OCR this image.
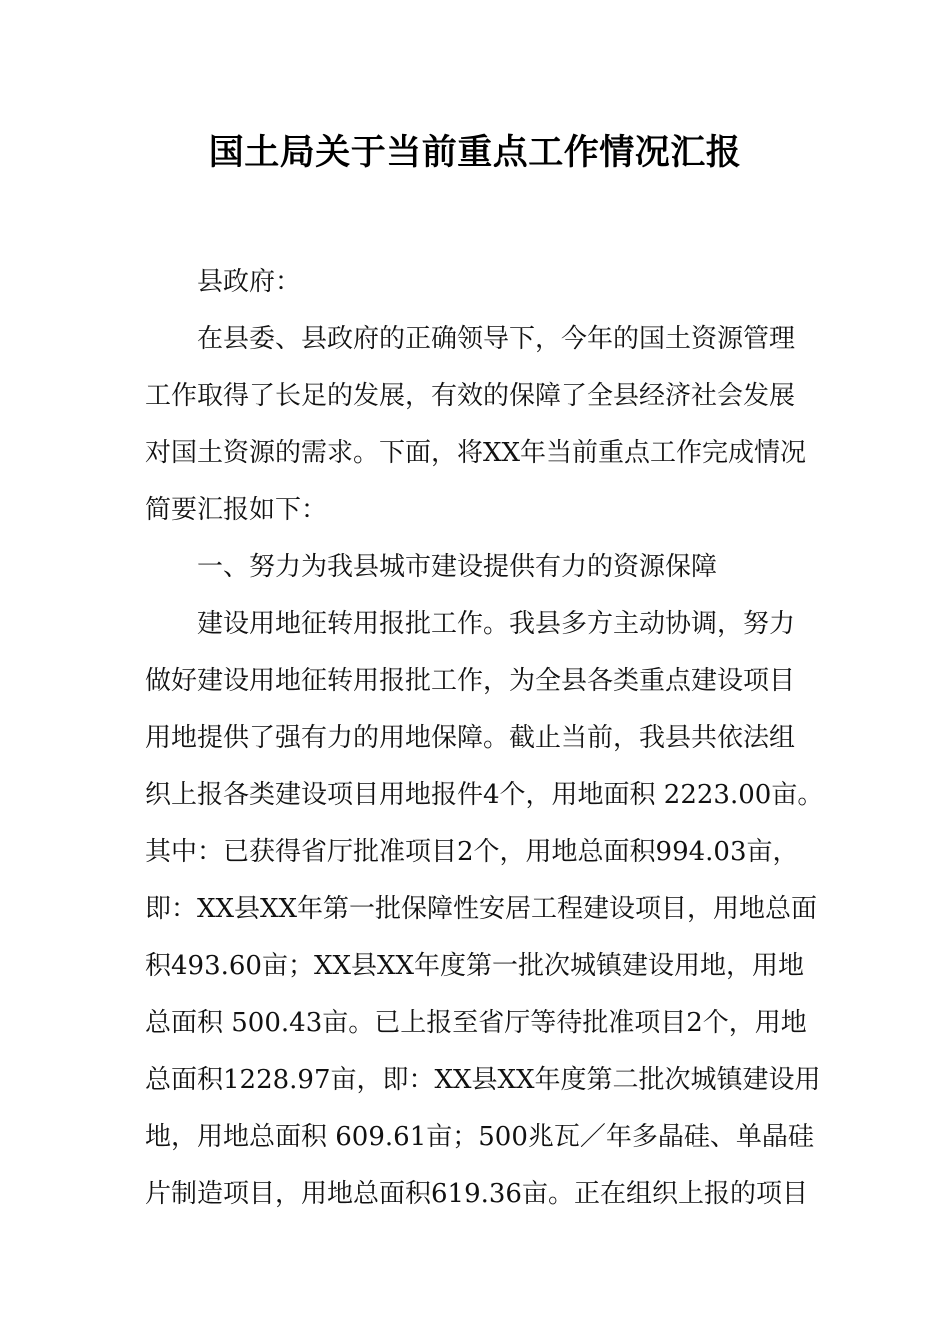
国土局关于当前重点工作情况汇报

县政府：

在县委、县政府的正确领导下，今年的国土资源管理

工作取得了长足的发展，有效的保障了全县经济社会发展

对国土资源的需求。下面，将XX年当前重点工作完成情况

简要汇报如下：

一、努力为我县城市建设提供有力的资源保障

建设用地征转用报批工作。我县多方主动协调，努力

做好建设用地征转用报批工作，为全县各类重点建设项目

用地提供了强有力的用地保障。截止当前，我县共依法组

织上报各类建设项目用地报件4个，用地面积 2223.00亩。

其中：已获得省厅批准项目2个，用地总面积994.03亩，

即：XX县XX年第一批保障性安居工程建设项目，用地总面

积493.60亩；XX县XX年度第一批次城镇建设用地，用地

总面积 500.43亩。已上报至省厅等待批准项目2个，用地

总面积1228.97亩，即：XX县XX年度第二批次城镇建设用

地，用地总面积 609.61亩；500兆瓦／年多晶硅、单晶硅

片制造项目，用地总面积619.36亩。正在组织上报的项目
